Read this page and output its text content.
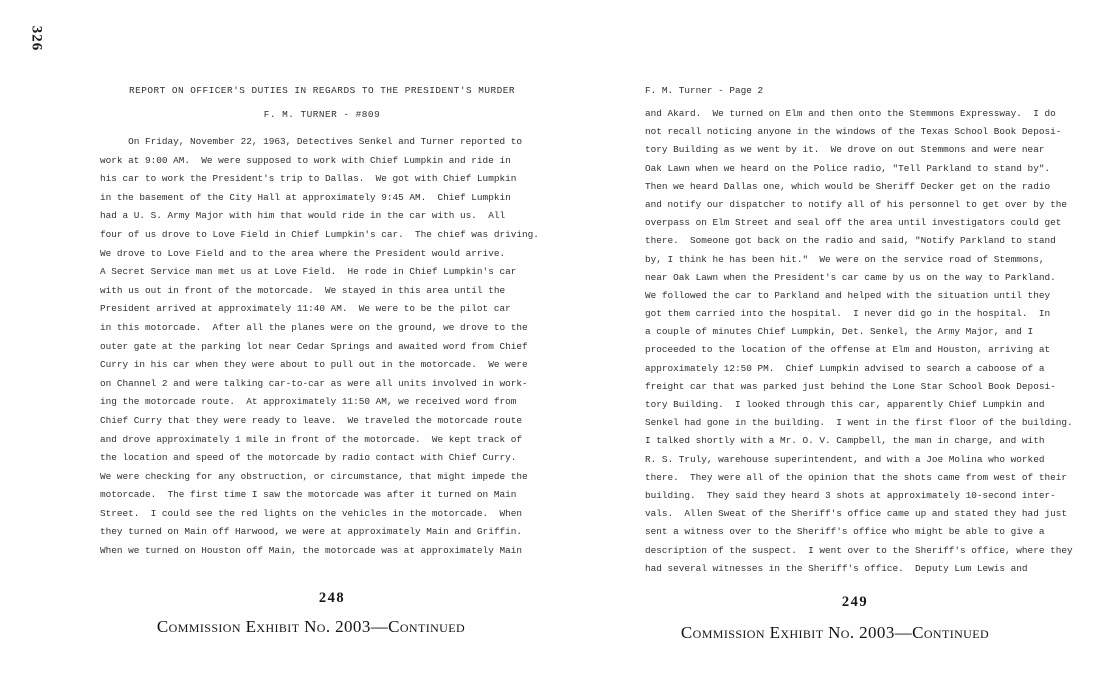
326
REPORT ON OFFICER'S DUTIES IN REGARDS TO THE PRESIDENT'S MURDER
F. M. TURNER - #809
On Friday, November 22, 1963, Detectives Senkel and Turner reported to
work at 9:00 AM.  We were supposed to work with Chief Lumpkin and ride in
his car to work the President's trip to Dallas.  We got with Chief Lumpkin
in the basement of the City Hall at approximately 9:45 AM.  Chief Lumpkin
had a U. S. Army Major with him that would ride in the car with us.  All
four of us drove to Love Field in Chief Lumpkin's car.  The chief was driving.
We drove to Love Field and to the area where the President would arrive.
A Secret Service man met us at Love Field.  He rode in Chief Lumpkin's car
with us out in front of the motorcade.  We stayed in this area until the
President arrived at approximately 11:40 AM.  We were to be the pilot car
in this motorcade.  After all the planes were on the ground, we drove to the
outer gate at the parking lot near Cedar Springs and awaited word from Chief
Curry in his car when they were about to pull out in the motorcade.  We were
on Channel 2 and were talking car-to-car as were all units involved in work-
ing the motorcade route.  At approximately 11:50 AM, we received word from
Chief Curry that they were ready to leave.  We traveled the motorcade route
and drove approximately 1 mile in front of the motorcade.  We kept track of
the location and speed of the motorcade by radio contact with Chief Curry.
We were checking for any obstruction, or circumstance, that might impede the
motorcade.  The first time I saw the motorcade was after it turned on Main
Street.  I could see the red lights on the vehicles in the motorcade.  When
they turned on Main off Harwood, we were at approximately Main and Griffin.
When we turned on Houston off Main, the motorcade was at approximately Main
248
Commission Exhibit No. 2003—Continued
F. M. Turner - Page 2
and Akard.  We turned on Elm and then onto the Stemmons Expressway.  I do
not recall noticing anyone in the windows of the Texas School Book Deposi-
tory Building as we went by it.  We drove on out Stemmons and were near
Oak Lawn when we heard on the Police radio, "Tell Parkland to stand by".
Then we heard Dallas one, which would be Sheriff Decker get on the radio
and notify our dispatcher to notify all of his personnel to get over by the
overpass on Elm Street and seal off the area until investigators could get
there.  Someone got back on the radio and said, "Notify Parkland to stand
by, I think he has been hit."  We were on the service road of Stemmons,
near Oak Lawn when the President's car came by us on the way to Parkland.
We followed the car to Parkland and helped with the situation until they
got them carried into the hospital.  I never did go in the hospital.  In
a couple of minutes Chief Lumpkin, Det. Senkel, the Army Major, and I
proceeded to the location of the offense at Elm and Houston, arriving at
approximately 12:50 PM.  Chief Lumpkin advised to search a caboose of a
freight car that was parked just behind the Lone Star School Book Deposi-
tory Building.  I looked through this car, apparently Chief Lumpkin and
Senkel had gone in the building.  I went in the first floor of the building.
I talked shortly with a Mr. O. V. Campbell, the man in charge, and with
R. S. Truly, warehouse superintendent, and with a Joe Molina who worked
there.  They were all of the opinion that the shots came from west of their
building.  They said they heard 3 shots at approximately 10-second inter-
vals.  Allen Sweat of the Sheriff's office came up and stated they had just
sent a witness over to the Sheriff's office who might be able to give a
description of the suspect.  I went over to the Sheriff's office, where they
had several witnesses in the Sheriff's office.  Deputy Lum Lewis and
249
Commission Exhibit No. 2003—Continued
